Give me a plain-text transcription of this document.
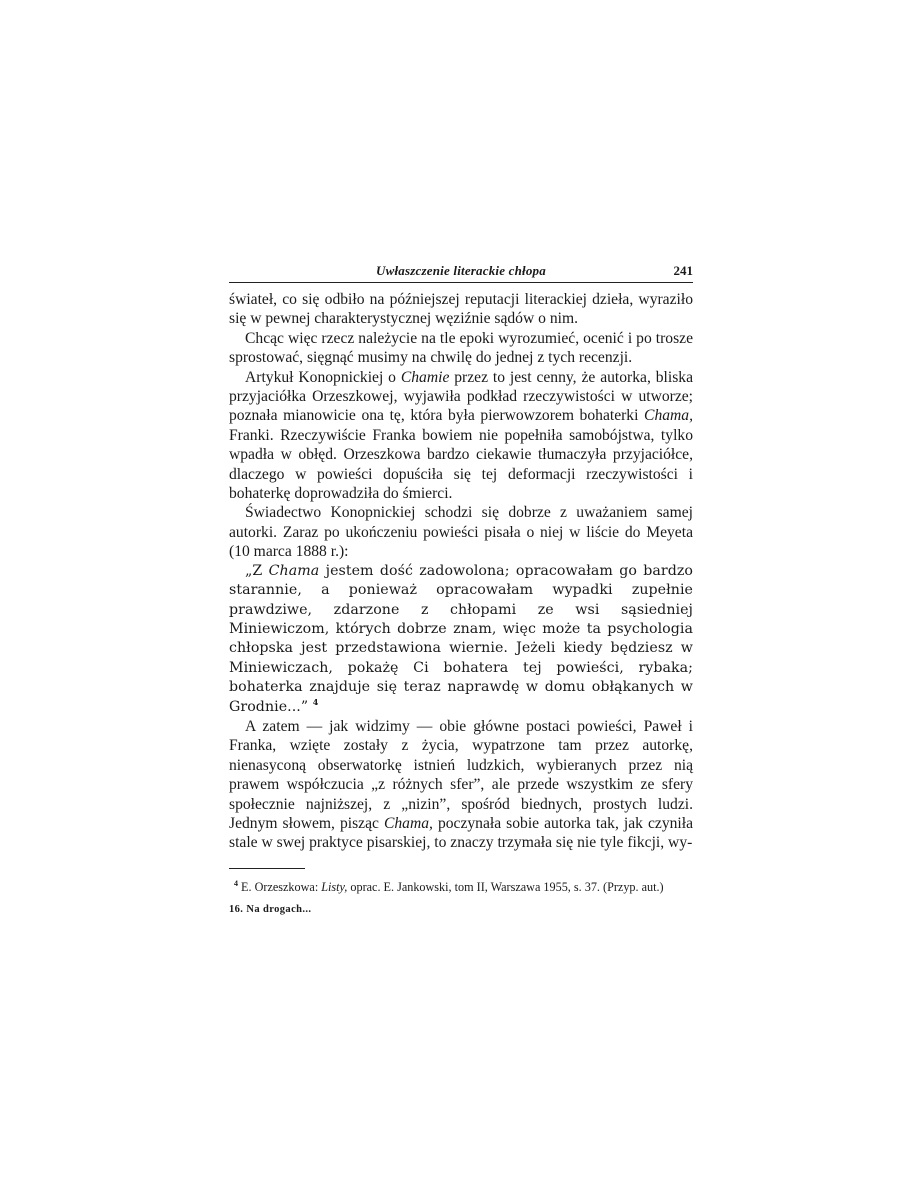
Uwłaszczenie literackie chłopa	241

świateł, co się odbiło na późniejszej reputacji literackiej dzieła, wyraziło się w pewnej charakterystycznej węziźnie sądów o nim.

Chcąc więc rzecz należycie na tle epoki wyrozumieć, ocenić i po trosze sprostować, sięgnąć musimy na chwilę do jednej z tych recenzji.

Artykuł Konopnickiej o Chamie przez to jest cenny, że autorka, bliska przyjaciółka Orzeszkowej, wyjawiła podkład rzeczywistości w utworze; poznała mianowicie ona tę, która była pierwowzorem bohaterki Chama, Franki. Rzeczywiście Franka bowiem nie popełniła samobójstwa, tylko wpadła w obłęd. Orzeszkowa bardzo ciekawie tłumaczyła przyjaciółce, dlaczego w powieści dopuściła się tej deformacji rzeczywistości i bohaterkę doprowadziła do śmierci.

Świadectwo Konopnickiej schodzi się dobrze z uważaniem samej autorki. Zaraz po ukończeniu powieści pisała o niej w liście do Meyeta (10 marca 1888 r.):

„Z Chama jestem dość zadowolona; opracowałam go bardzo starannie, a ponieważ opracowałam wypadki zupełnie prawdziwe, zdarzone z chłopami ze wsi sąsiedniej Miniewiczom, których dobrze znam, więc może ta psychologia chłopska jest przedstawiona wiernie. Jeżeli kiedy będziesz w Miniewiczach, pokażę Ci bohatera tej powieści, rybaka; bohaterka znajduje się teraz naprawdę w domu obłąkanych w Grodnie...” $^4$

A zatem — jak widzimy — obie główne postaci powieści, Paweł i Franka, wzięte zostały z życia, wypatrzone tam przez autorkę, nienasyconą obserwatorkę istnień ludzkich, wybieranych przez nią prawem współczucia „z różnych sfer”, ale przede wszystkim ze sfery społecznie najniższej, z „nizin”, spośród biednych, prostych ludzi. Jednym słowem, pisząc Chama, poczynała sobie autorka tak, jak czyniła stale w swej praktyce pisarskiej, to znaczy trzymała się nie tyle fikcji, wy-

$^4$ E. Orzeszkowa: Listy, oprac. E. Jankowski, tom II, Warszawa 1955, s. 37. (Przyp. aut.)

16. Na drogach...
